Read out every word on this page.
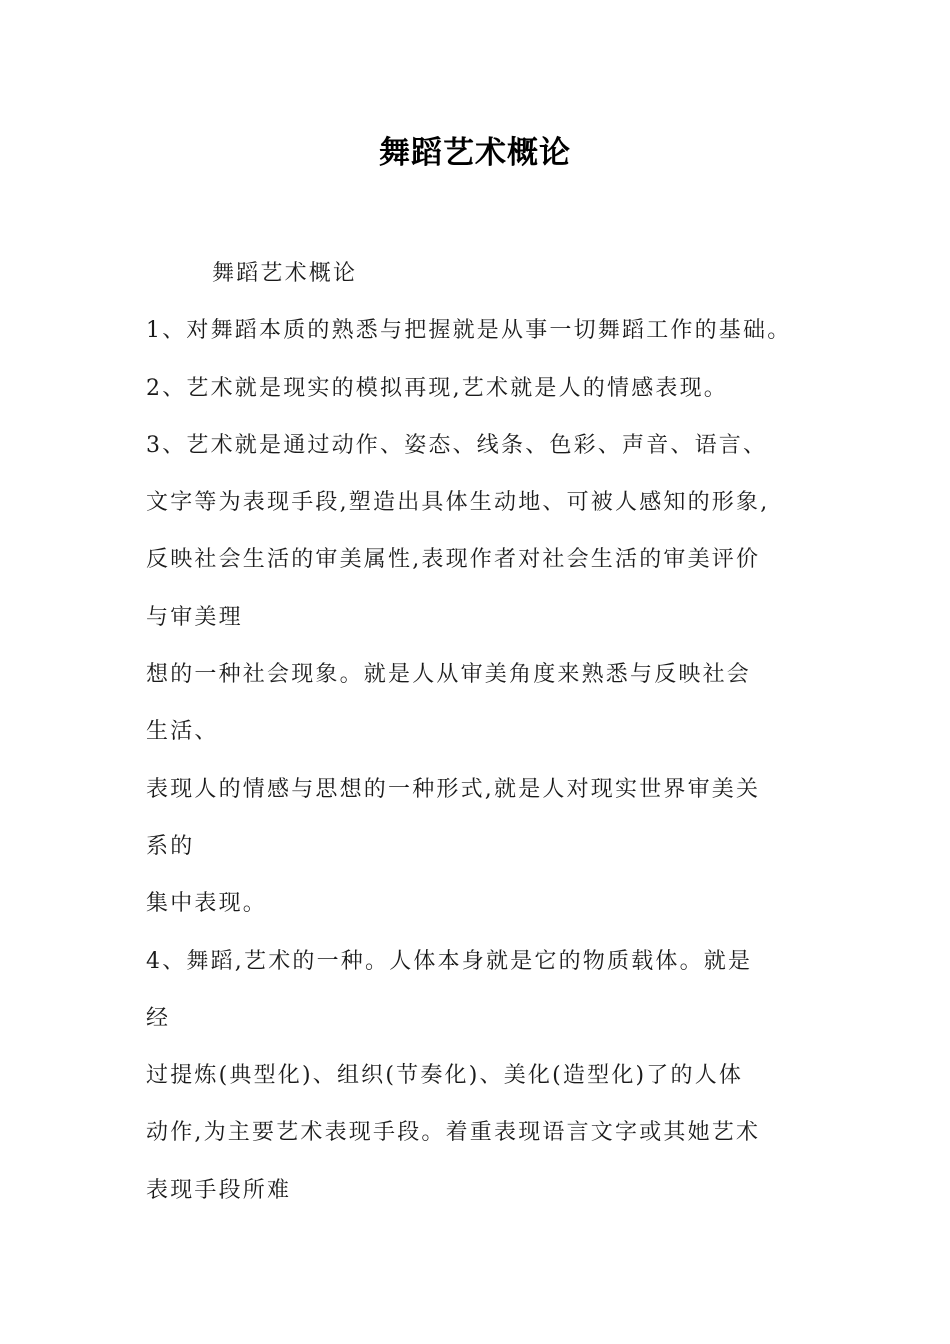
舞蹈艺术概论
舞蹈艺术概论
1、对舞蹈本质的熟悉与把握就是从事一切舞蹈工作的基础。
2、艺术就是现实的模拟再现,艺术就是人的情感表现。
3、艺术就是通过动作、姿态、线条、色彩、声音、语言、
文字等为表现手段,塑造出具体生动地、可被人感知的形象,
反映社会生活的审美属性,表现作者对社会生活的审美评价
与审美理
想的一种社会现象。就是人从审美角度来熟悉与反映社会
生活、
表现人的情感与思想的一种形式,就是人对现实世界审美关
系的
集中表现。
4、舞蹈,艺术的一种。人体本身就是它的物质载体。就是
经
过提炼(典型化)、组织(节奏化)、美化(造型化)了的人体
动作,为主要艺术表现手段。着重表现语言文字或其她艺术
表现手段所难
